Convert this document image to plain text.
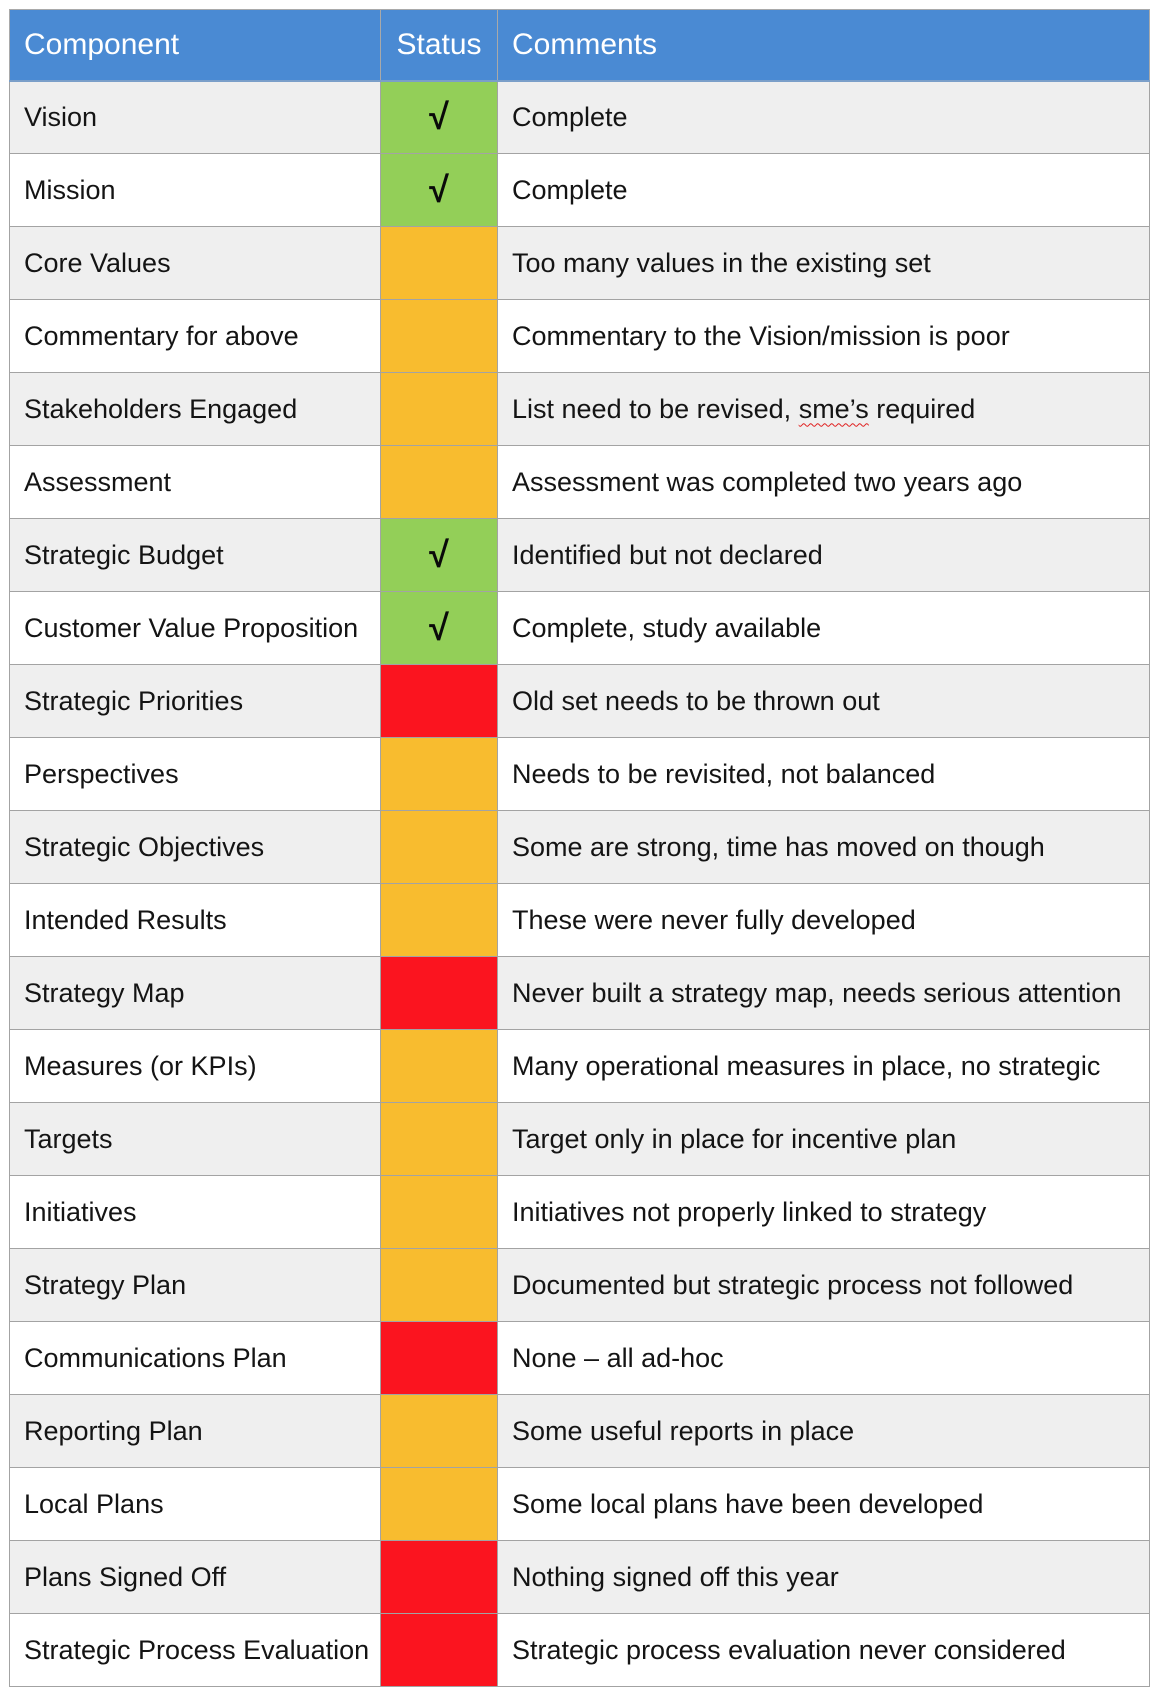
Component	Status	Comments
Vision	√	Complete
Mission	√	Complete
Core Values		Too many values in the existing set
Commentary for above		Commentary to the Vision/mission is poor
Stakeholders Engaged		List need to be revised, sme’s required
Assessment		Assessment was completed two years ago
Strategic Budget	√	Identified but not declared
Customer Value Proposition	√	Complete, study available
Strategic Priorities		Old set needs to be thrown out
Perspectives		Needs to be revisited, not balanced
Strategic Objectives		Some are strong, time has moved on though
Intended Results		These were never fully developed
Strategy Map		Never built a strategy map, needs serious attention
Measures (or KPIs)		Many operational measures in place, no strategic
Targets		Target only in place for incentive plan
Initiatives		Initiatives not properly linked to strategy
Strategy Plan		Documented but strategic process not followed
Communications Plan		None – all ad-hoc
Reporting Plan		Some useful reports in place
Local Plans		Some local plans have been developed
Plans Signed Off		Nothing signed off this year
Strategic Process Evaluation		Strategic process evaluation never considered
